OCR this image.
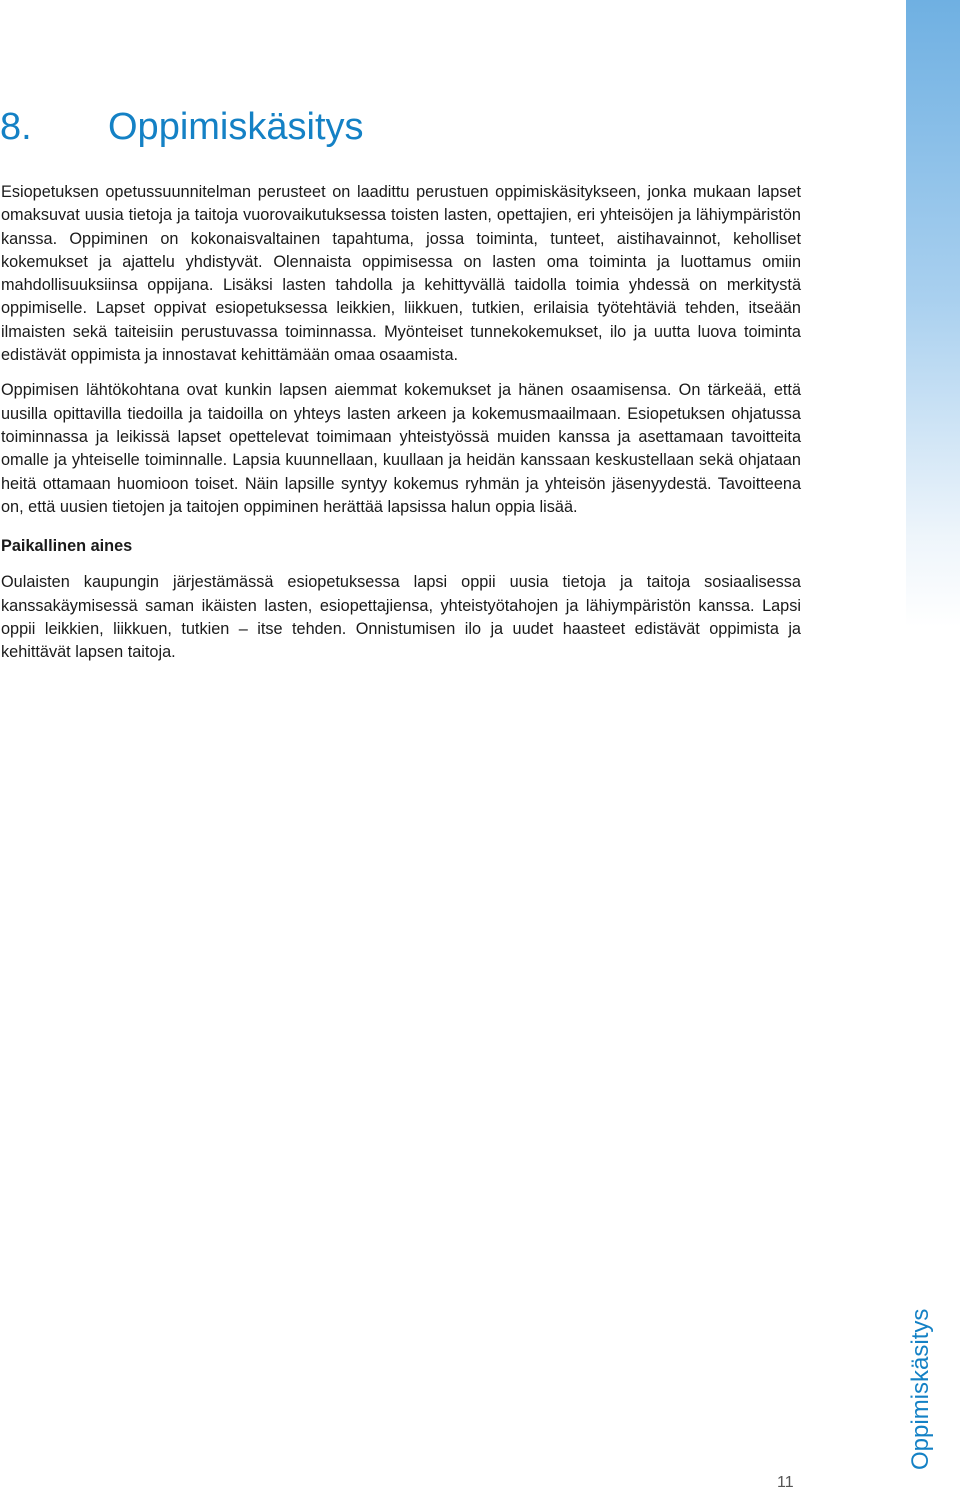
8. Oppimiskäsitys

Esiopetuksen opetussuunnitelman perusteet on laadittu perustuen oppimiskäsitykseen, jonka mukaan lapset omaksuvat uusia tietoja ja taitoja vuorovaikutuksessa toisten lasten, opettajien, eri yhteisöjen ja lähiympäristön kanssa. Oppiminen on kokonaisvaltainen tapahtuma, jossa toiminta, tunteet, aistihavainnot, keholliset kokemukset ja ajattelu yhdistyvät. Olennaista oppimisessa on lasten oma toiminta ja luottamus omiin mahdollisuuksiinsa oppijana. Lisäksi lasten tahdolla ja kehittyvällä taidolla toimia yhdessä on merkitystä oppimiselle. Lapset oppivat esiopetuksessa leikkien, liikkuen, tutkien, erilaisia työtehtäviä tehden, itseään ilmaisten sekä taiteisiin perustuvassa toiminnassa. Myönteiset tunnekokemukset, ilo ja uutta luova toiminta edistävät oppimista ja innostavat kehittämään omaa osaamista.

Oppimisen lähtökohtana ovat kunkin lapsen aiemmat kokemukset ja hänen osaamisensa. On tärkeää, että uusilla opittavilla tiedoilla ja taidoilla on yhteys lasten arkeen ja kokemusmaailmaan. Esiopetuksen ohjatussa toiminnassa ja leikissä lapset opettelevat toimimaan yhteistyössä muiden kanssa ja asettamaan tavoitteita omalle ja yhteiselle toiminnalle. Lapsia kuunnellaan, kuullaan ja heidän kanssaan keskustellaan sekä ohjataan heitä ottamaan huomioon toiset. Näin lapsille syntyy kokemus ryhmän ja yhteisön jäsenyydestä. Tavoitteena on, että uusien tietojen ja taitojen oppiminen herättää lapsissa halun oppia lisää.

Paikallinen aines

Oulaisten kaupungin järjestämässä esiopetuksessa lapsi oppii uusia tietoja ja taitoja sosiaalisessa kanssakäymisessä saman ikäisten lasten, esiopettajiensa, yhteistyötahojen ja lähiympäristön kanssa. Lapsi oppii leikkien, liikkuen, tutkien – itse tehden. Onnistumisen ilo ja uudet haasteet edistävät oppimista ja kehittävät lapsen taitoja.

11
Oppimiskäsitys
